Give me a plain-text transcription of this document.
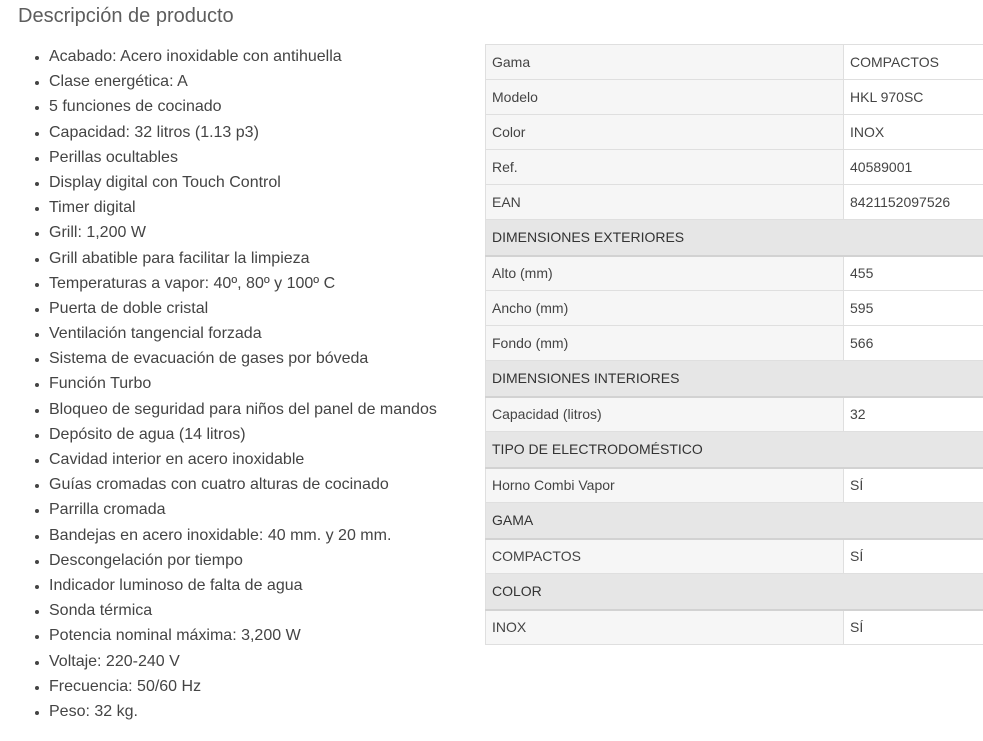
Descripción de producto
• Acabado: Acero inoxidable con antihuella
• Clase energética: A
• 5 funciones de cocinado
• Capacidad: 32 litros (1.13 p3)
• Perillas ocultables
• Display digital con Touch Control
• Timer digital
• Grill: 1,200 W
• Grill abatible para facilitar la limpieza
• Temperaturas a vapor: 40º, 80º y 100º C
• Puerta de doble cristal
• Ventilación tangencial forzada
• Sistema de evacuación de gases por bóveda
• Función Turbo
• Bloqueo de seguridad para niños del panel de mandos
• Depósito de agua (14 litros)
• Cavidad interior en acero inoxidable
• Guías cromadas con cuatro alturas de cocinado
• Parrilla cromada
• Bandejas en acero inoxidable: 40 mm. y 20 mm.
• Descongelación por tiempo
• Indicador luminoso de falta de agua
• Sonda térmica
• Potencia nominal máxima: 3,200 W
• Voltaje: 220-240 V
• Frecuencia: 50/60 Hz
• Peso: 32 kg.
Gama	COMPACTOS
Modelo	HKL 970SC
Color	INOX
Ref.	40589001
EAN	8421152097526
DIMENSIONES EXTERIORES	
Alto (mm)	455
Ancho (mm)	595
Fondo (mm)	566
DIMENSIONES INTERIORES	
Capacidad (litros)	32
TIPO DE ELECTRODOMÉSTICO	
Horno Combi Vapor	SÍ
GAMA	
COMPACTOS	SÍ
COLOR	
INOX	SÍ
